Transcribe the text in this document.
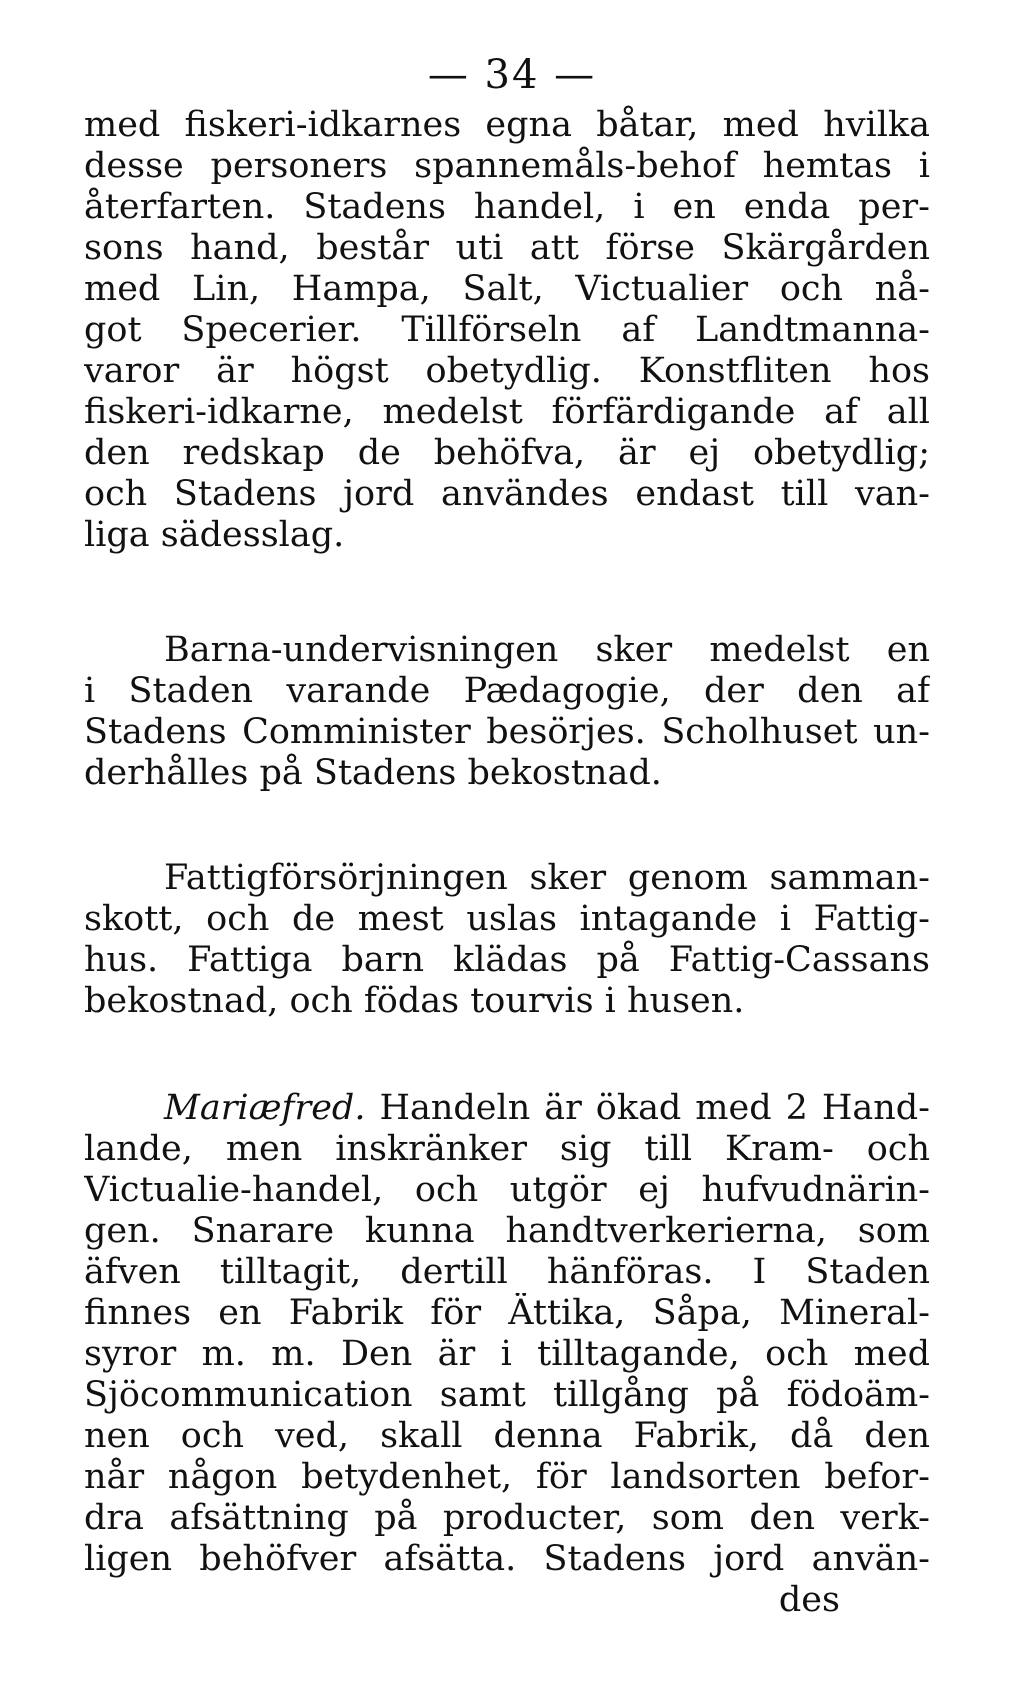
— 34 —
med fiskeri-idkarnes egna båtar, med hvilka
desse personers spannemåls-behof hemtas i
återfarten. Stadens handel, i en enda per-
sons hand, består uti att förse Skärgården
med Lin, Hampa, Salt, Victualier och nå-
got Specerier. Tillförseln af Landtmanna-
varor är högst obetydlig. Konstfliten hos
fiskeri-idkarne, medelst förfärdigande af all
den redskap de behöfva, är ej obetydlig;
och Stadens jord användes endast till van-
liga sädesslag.
Barna-undervisningen sker medelst en
i Staden varande Pædagogie, der den af
Stadens Comminister besörjes. Scholhuset un-
derhålles på Stadens bekostnad.
Fattigförsörjningen sker genom samman-
skott, och de mest uslas intagande i Fattig-
hus. Fattiga barn klädas på Fattig-Cassans
bekostnad, och födas tourvis i husen.
Mariæfred. Handeln är ökad med 2 Hand-
lande, men inskränker sig till Kram- och
Victualie-handel, och utgör ej hufvudnärin-
gen. Snarare kunna handtverkerierna, som
äfven tilltagit, dertill hänföras. I Staden
finnes en Fabrik för Ättika, Såpa, Mineral-
syror m. m. Den är i tilltagande, och med
Sjöcommunication samt tillgång på födoäm-
nen och ved, skall denna Fabrik, då den
når någon betydenhet, för landsorten befor-
dra afsättning på producter, som den verk-
ligen behöfver afsätta. Stadens jord använ-
des
